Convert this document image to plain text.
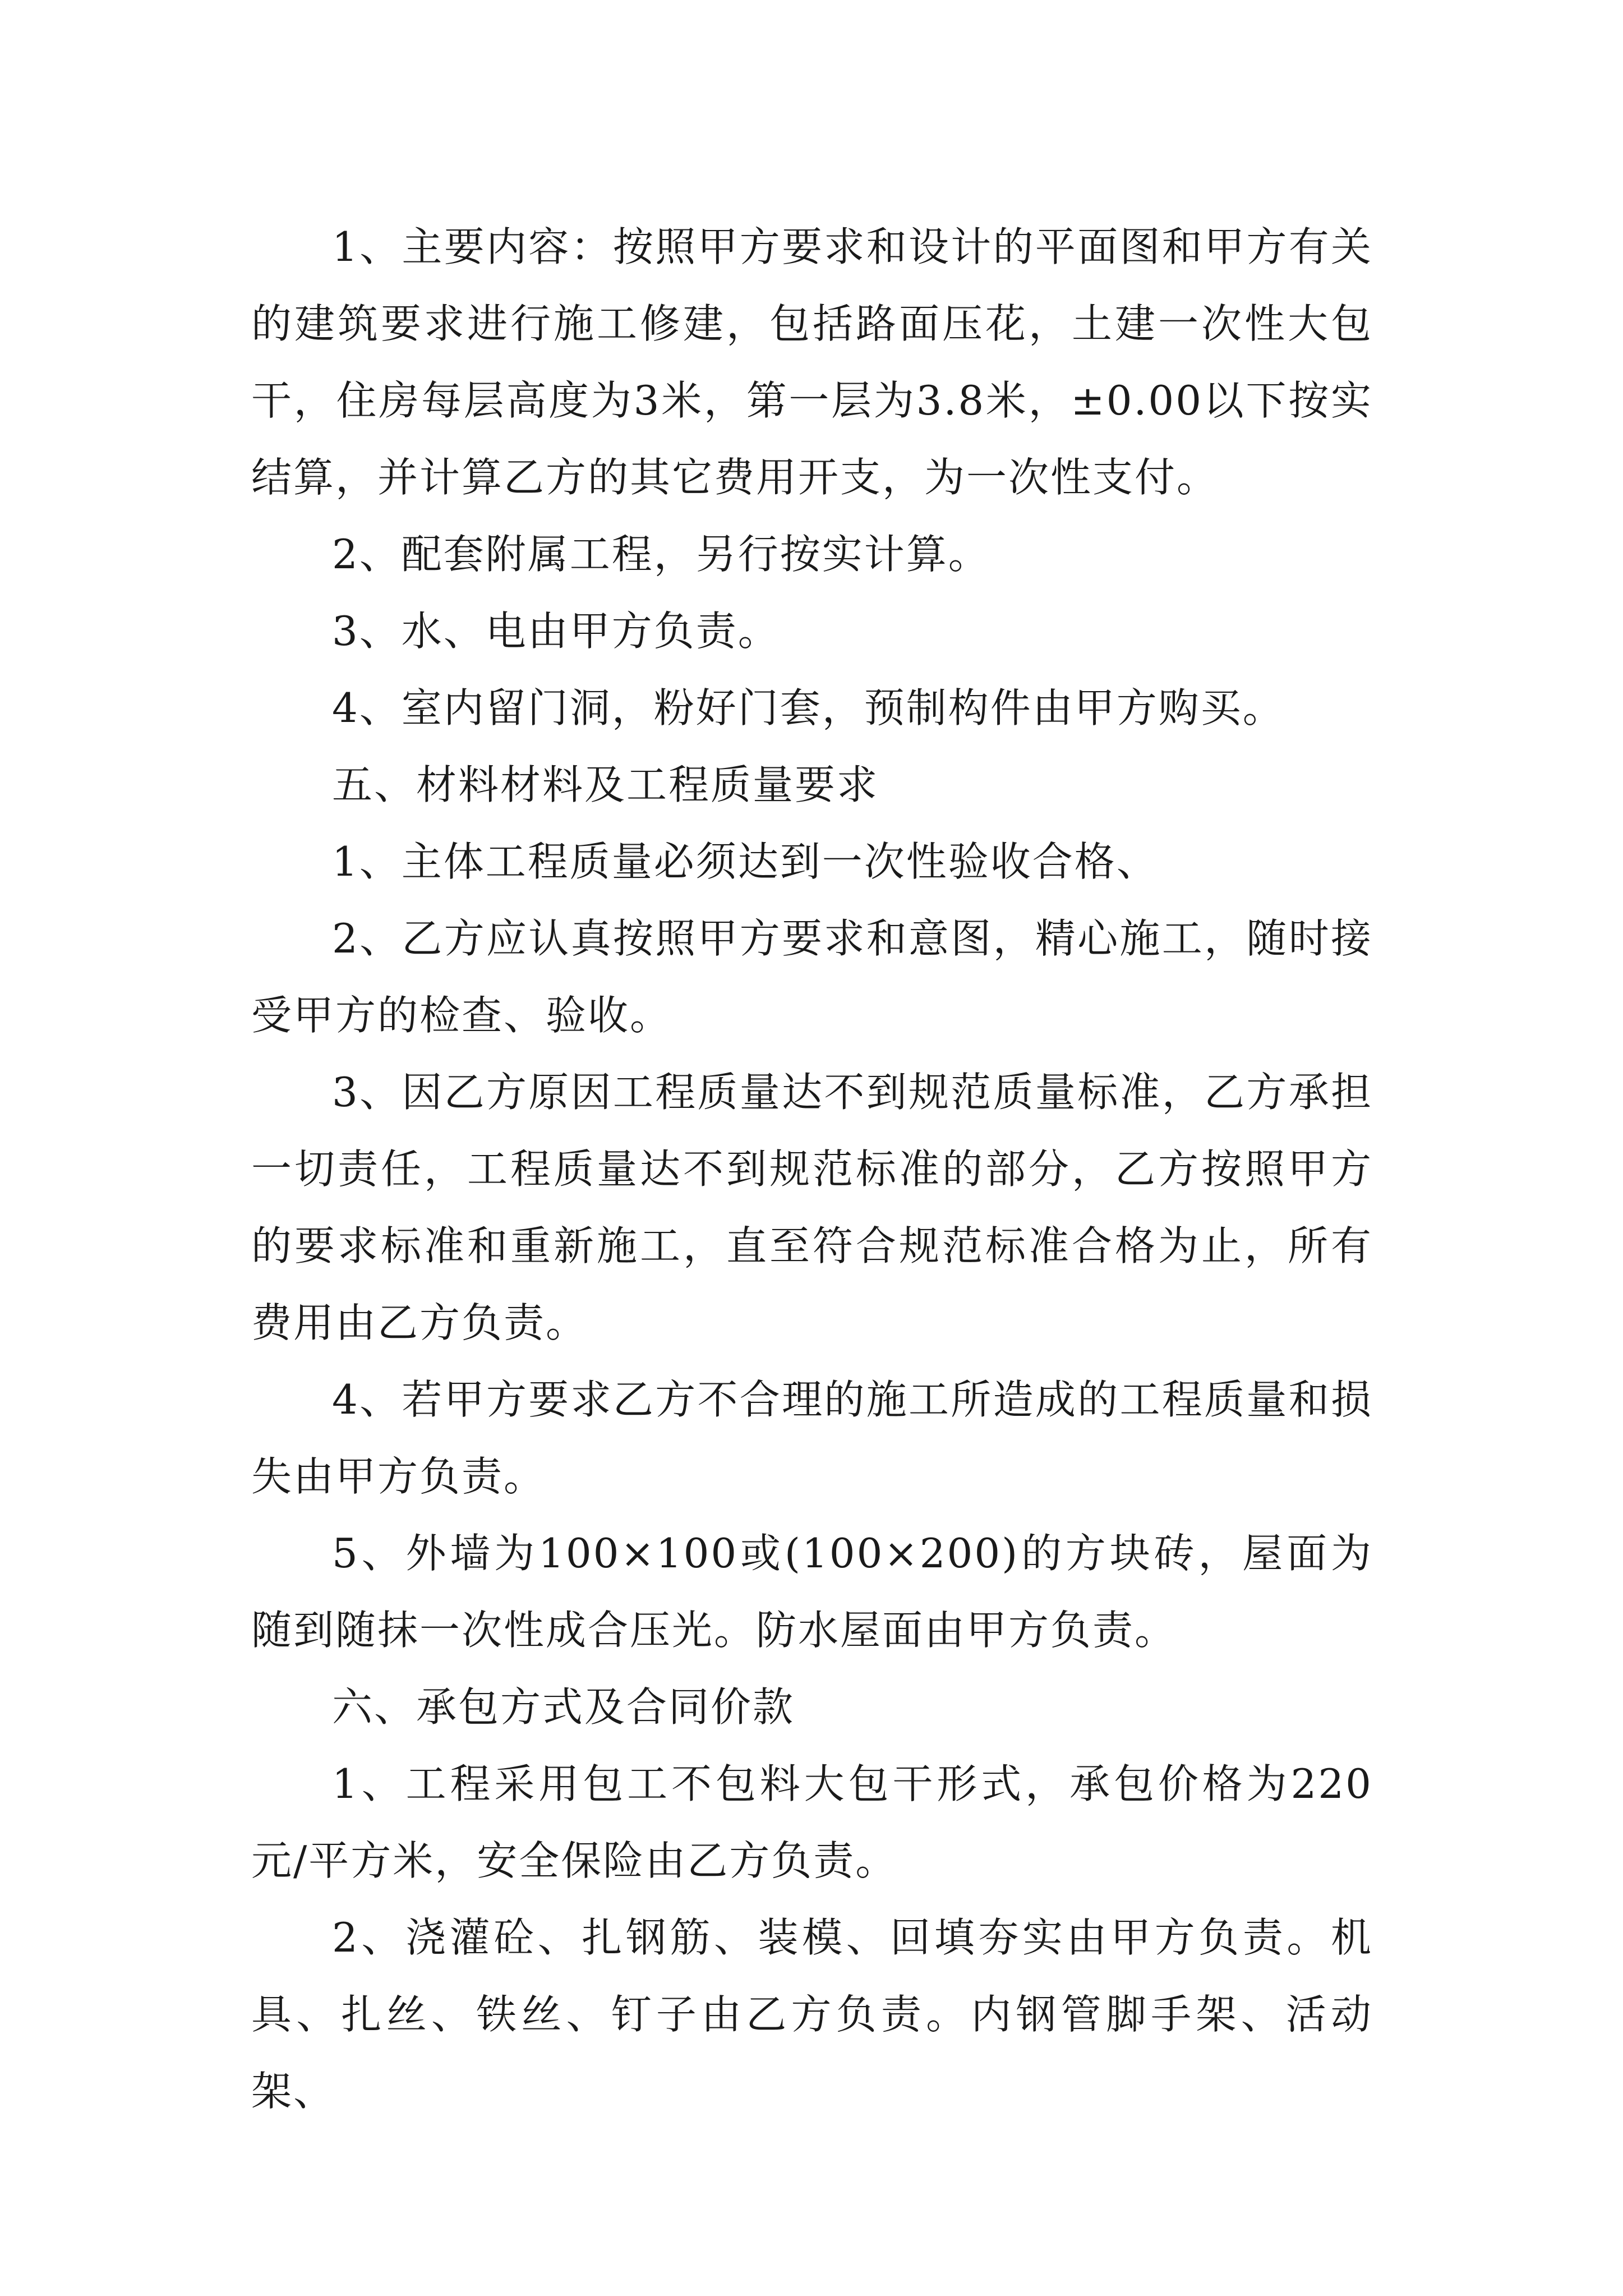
1、主要内容：按照甲方要求和设计的平面图和甲方有关的建筑要求进行施工修建，包括路面压花，土建一次性大包干，住房每层高度为3米，第一层为3.8米，±0.00以下按实结算，并计算乙方的其它费用开支，为一次性支付。

2、配套附属工程，另行按实计算。

3、水、电由甲方负责。

4、室内留门洞，粉好门套，预制构件由甲方购买。

五、材料材料及工程质量要求

1、主体工程质量必须达到一次性验收合格、

2、乙方应认真按照甲方要求和意图，精心施工，随时接受甲方的检查、验收。

3、因乙方原因工程质量达不到规范质量标准，乙方承担一切责任，工程质量达不到规范标准的部分，乙方按照甲方的要求标准和重新施工，直至符合规范标准合格为止，所有费用由乙方负责。

4、若甲方要求乙方不合理的施工所造成的工程质量和损失由甲方负责。

5、外墙为100×100或(100×200)的方块砖，屋面为随到随抹一次性成合压光。防水屋面由甲方负责。

六、承包方式及合同价款

1、工程采用包工不包料大包干形式，承包价格为220元/平方米，安全保险由乙方负责。

2、浇灌砼、扎钢筋、装模、回填夯实由甲方负责。机具、扎丝、铁丝、钉子由乙方负责。内钢管脚手架、活动架、
